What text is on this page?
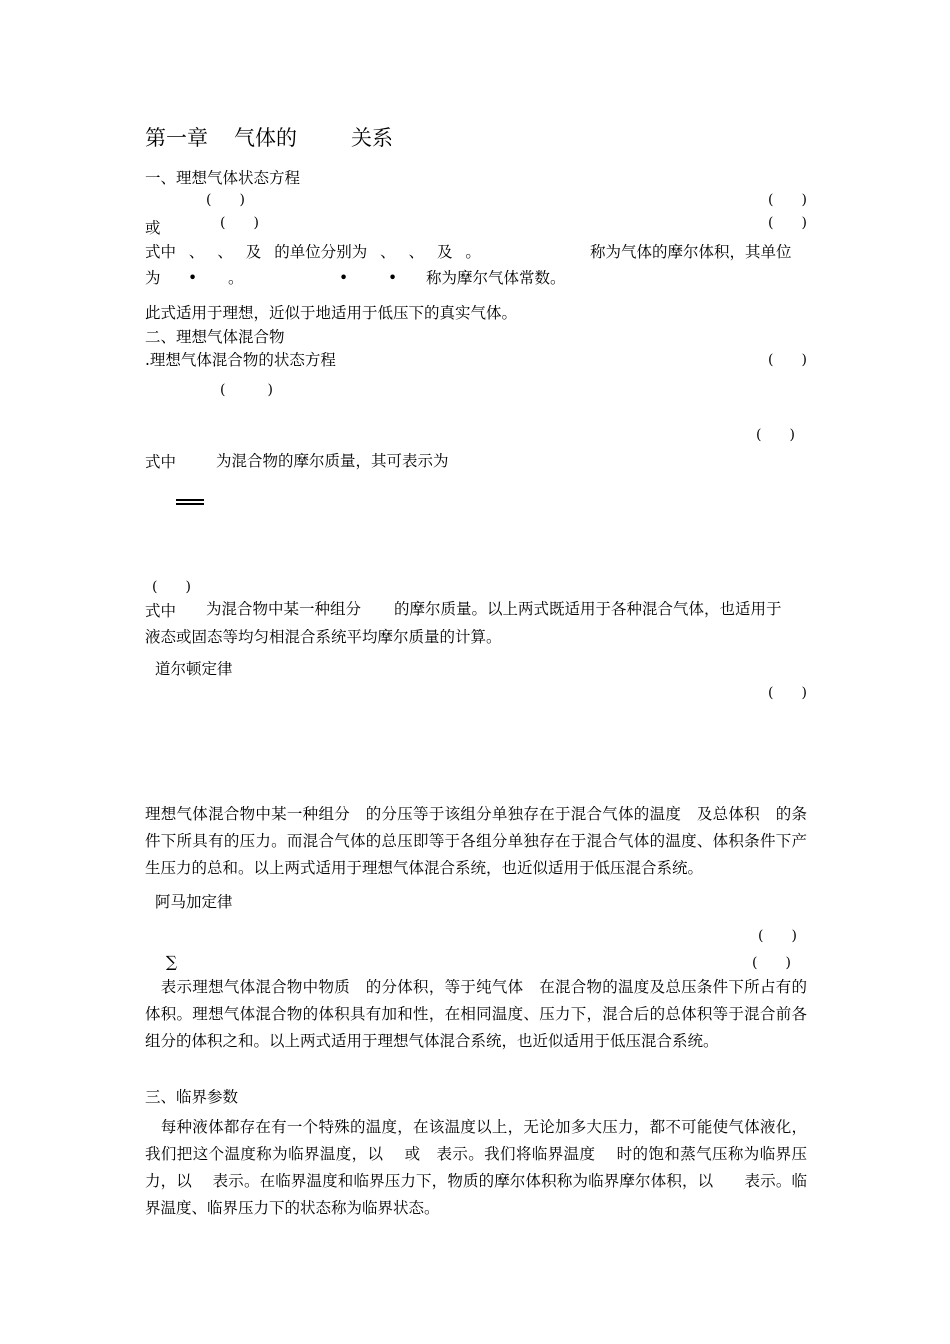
第一章 气体的	关系
一、理想气体状态方程
(　　)	(　　)
或	(　　)	(　　)
式中 、 、 及 的单位分别为 、 、 及 。	称为气体的摩尔体积，其单位
为 • 。	•	• 称为摩尔气体常数。
此式适用于理想，近似于地适用于低压下的真实气体。
二、理想气体混合物
.理想气体混合物的状态方程	(　　)
(　　　)
(　　)
式中	为混合物的摩尔质量，其可表示为
(　　)
式中 为混合物中某一种组分 的摩尔质量。以上两式既适用于各种混合气体，也适用于
液态或固态等均匀相混合系统平均摩尔质量的计算。
道尔顿定律
(　　)
理想气体混合物中某一种组分　的分压等于该组分单独存在于混合气体的温度　及总体积　的条件下所具有的压力。而混合气体的总压即等于各组分单独存在于混合气体的温度、体积条件下产生压力的总和。以上两式适用于理想气体混合系统，也近似适用于低压混合系统。
阿马加定律
(　　)
∑	(　　)
　表示理想气体混合物中物质　的分体积，等于纯气体　在混合物的温度及总压条件下所占有的体积。理想气体混合物的体积具有加和性，在相同温度、压力下，混合后的总体积等于混合前各组分的体积之和。以上两式适用于理想气体混合系统，也近似适用于低压混合系统。
三、临界参数
　每种液体都存在有一个特殊的温度，在该温度以上，无论加多大压力，都不可能使气体液化，我们把这个温度称为临界温度，以　 或　表示。我们将临界温度　 时的饱和蒸气压称为临界压力，以　 表示。在临界温度和临界压力下，物质的摩尔体积称为临界摩尔体积，以　　表示。临界温度、临界压力下的状态称为临界状态。
